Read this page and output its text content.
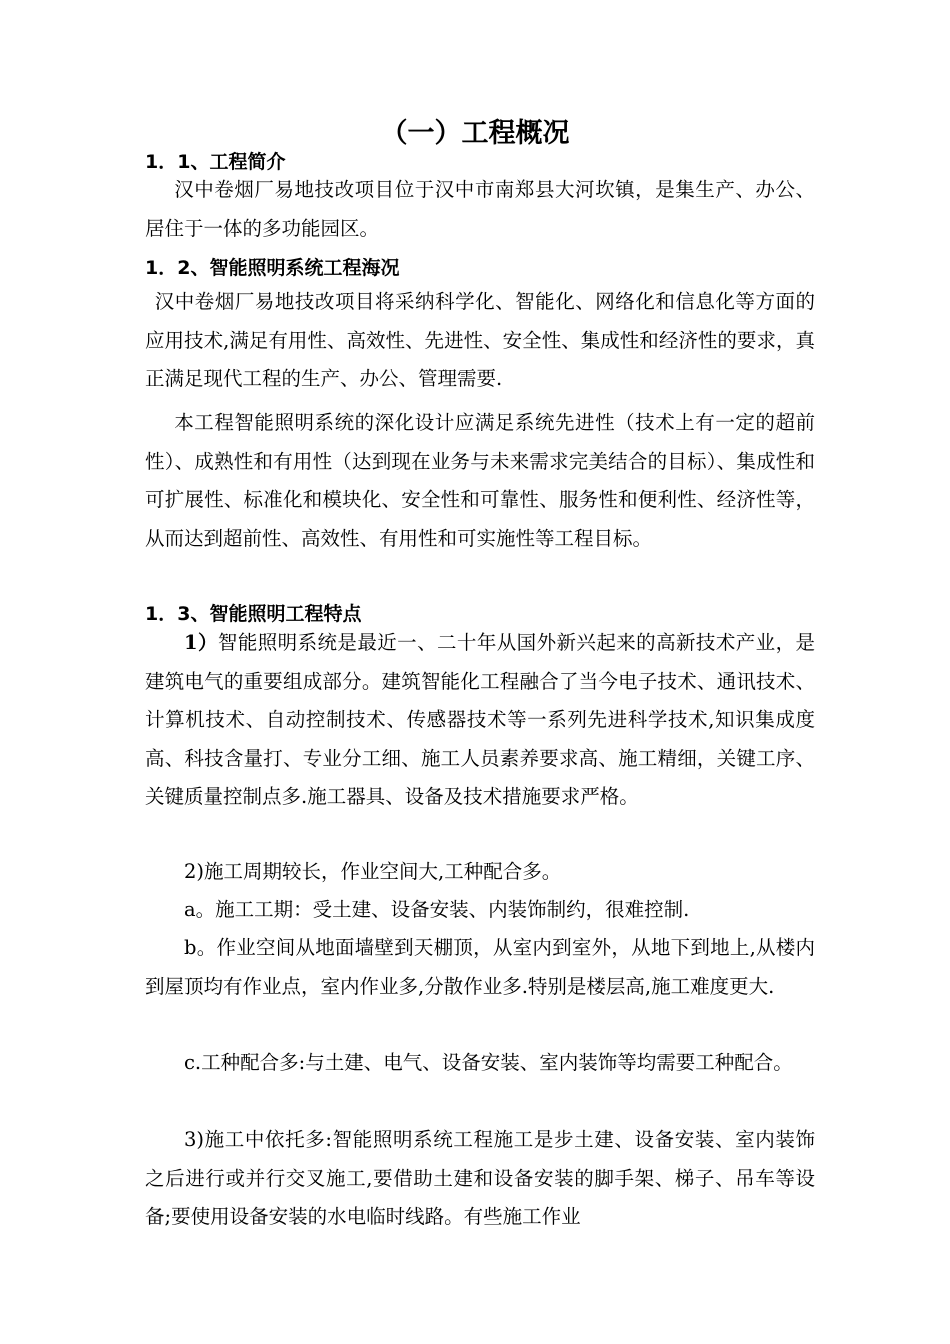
（一）工程概况
1．1、工程简介

汉中卷烟厂易地技改项目位于汉中市南郑县大河坎镇，是集生产、办公、居住于一体的多功能园区。

1．2、智能照明系统工程海况

汉中卷烟厂易地技改项目将采纳科学化、智能化、网络化和信息化等方面的应用技术,满足有用性、高效性、先进性、安全性、集成性和经济性的要求，真正满足现代工程的生产、办公、管理需要.

本工程智能照明系统的深化设计应满足系统先进性（技术上有一定的超前性）、成熟性和有用性（达到现在业务与未来需求完美结合的目标）、集成性和可扩展性、标准化和模块化、安全性和可靠性、服务性和便利性、经济性等，从而达到超前性、高效性、有用性和可实施性等工程目标。

1．3、智能照明工程特点

1）智能照明系统是最近一、二十年从国外新兴起来的高新技术产业，是建筑电气的重要组成部分。建筑智能化工程融合了当今电子技术、通讯技术、计算机技术、自动控制技术、传感器技术等一系列先进科学技术,知识集成度高、科技含量打、专业分工细、施工人员素养要求高、施工精细，关键工序、关键质量控制点多.施工器具、设备及技术措施要求严格。

2)施工周期较长，作业空间大,工种配合多。

a。施工工期：受土建、设备安装、内装饰制约，很难控制.

b。作业空间从地面墙壁到天棚顶，从室内到室外，从地下到地上,从楼内到屋顶均有作业点，室内作业多,分散作业多.特别是楼层高,施工难度更大.

c.工种配合多:与土建、电气、设备安装、室内装饰等均需要工种配合。

3)施工中依托多:智能照明系统工程施工是步土建、设备安装、室内装饰之后进行或并行交叉施工,要借助土建和设备安装的脚手架、梯子、吊车等设备;要使用设备安装的水电临时线路。有些施工作业
